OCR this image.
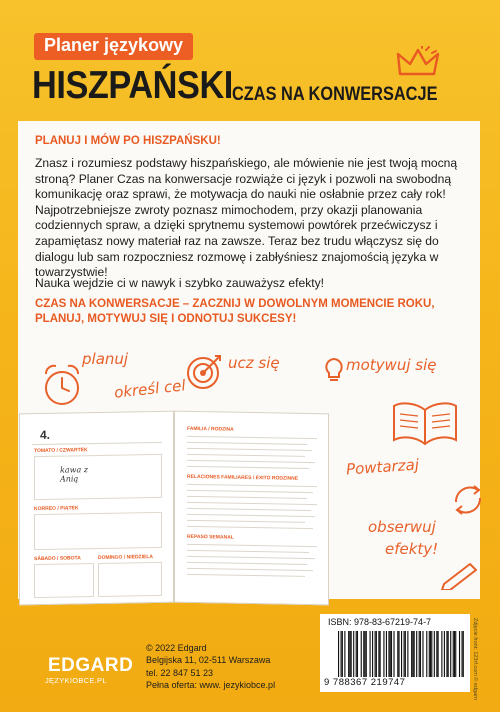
Planer językowy
HISZPAŃSKI CZAS NA KONWERSACJE
PLANUJ I MÓW PO HISZPAŃSKU!
Znasz i rozumiesz podstawy hiszpańskiego, ale mówienie nie jest twoją mocną stroną? Planer Czas na konwersacje rozwiąże ci język i pozwoli na swobodną komunikację oraz sprawi, że motywacja do nauki nie osłabnie przez cały rok! Najpotrzebniejsze zwroty poznasz mimochodem, przy okazji planowania codziennych spraw, a dzięki sprytnemu systemowi powtórek przećwiczysz i zapamiętasz nowy materiał raz na zawsze. Teraz bez trudu włączysz się do dialogu lub sam rozpoczniesz rozmowę i zabłyśniesz znajomością języka w towarzystwie!
Nauka wejdzie ci w nawyk i szybko zauważysz efekty!
CZAS NA KONWERSACJE – ZACZNIJ W DOWOLNYM MOMENCIE ROKU, PLANUJ, MOTYWUJ SIĘ I ODNOTUJ SUKCESY!
planuj	ucz się	motywuj się
określ cel
Powtarzaj
obserwuj
efekty!
4.
TOMATO / CZWARTEK
kawa z Anią
KORREO / PIĄTEK
SÁBADO / SOBOTA	DOMINGO / NIEDZIELA
FAMILIA / RODZINA
RELACIONES FAMILIARES / ÉXITO RODZINNE
REPASO SEMANAL
EDGARD
JĘZYKIOBCE.PL
© 2022 Edgard
Belgijska 11, 02-511 Warszawa
tel. 22 847 51 23
Pełna oferta: www. jezykiobce.pl
ISBN: 978-83-67219-74-7
9 788367 219747	Zdjęcie front: 123rf.com © edgarn
